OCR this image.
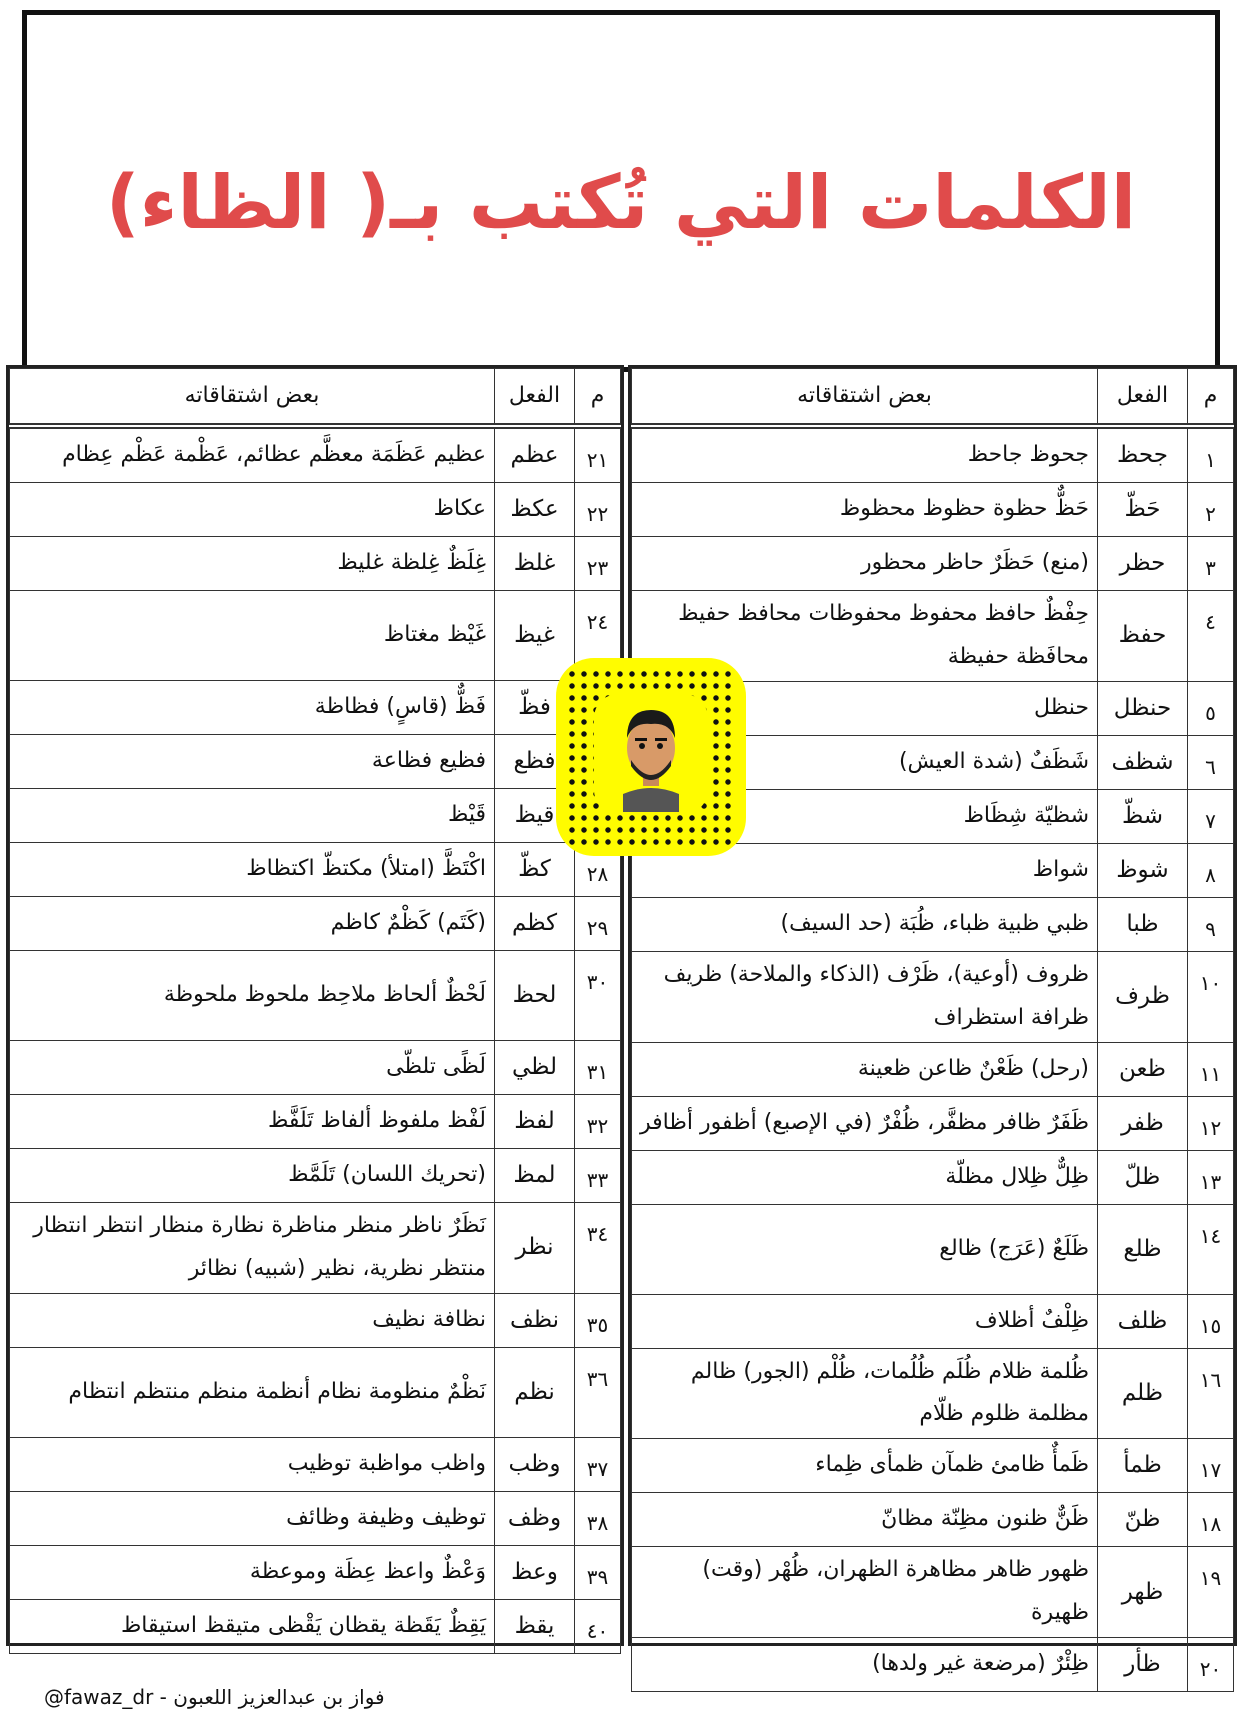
الكلمات التي تُكتب بـ( الظاء)
م	الفعل	بعض اشتقاقاته
١	جحظ	جحوظ جاحظ
٢	حَظّ	حَظٌّ حظوة حظوظ محظوظ
٣	حظر	(منع) حَظَرٌ حاظر محظور
٤	حفظ	حِفْظٌ حافظ محفوظ محفوظات محافظ حفيظ محافَظة حفيظة
٥	حنظل	حنظل
٦	شظف	شَظَفٌ (شدة العيش)
٧	شظّ	شظيّة شِظَاظ
٨	شوظ	شواظ
٩	ظبا	ظبي ظبية ظباء، ظُبَة (حد السيف)
١٠	ظرف	ظروف (أوعية)، ظَرْف (الذكاء والملاحة) ظريف ظرافة استظراف
١١	ظعن	(رحل) ظَعْنٌ ظاعن ظعينة
١٢	ظفر	ظَفَرٌ ظافر مظفَّر، ظُفْرٌ (في الإصبع) أظفور أظافر
١٣	ظلّ	ظِلٌّ ظِلال مظلّة
١٤	ظلع	ظَلَعٌ (عَرَج) ظالع
١٥	ظلف	ظِلْفٌ أظلاف
١٦	ظلم	ظُلمة ظلام ظُلَم ظُلُمات، ظُلْم (الجور) ظالم مظلمة ظلوم ظلّام
١٧	ظمأ	ظَمأٌ ظامئ ظمآن ظمأى ظِماء
١٨	ظنّ	ظَنٌّ ظنون مظِنّة مظانّ
١٩	ظهر	ظهور ظاهر مظاهرة الظهران، ظُهْر (وقت) ظهيرة
٢٠	ظأر	ظِئْرٌ (مرضعة غير ولدها)
م	الفعل	بعض اشتقاقاته
٢١	عظم	عظيم عَظَمَة معظَّم عظائم، عَظْمة عَظْم عِظام
٢٢	عكظ	عكاظ
٢٣	غلظ	غِلَظٌ غِلظة غليظ
٢٤	غيظ	غَيْظ مغتاظ
	فظّ	فَظٌّ (قاسٍ) فظاظة
	فظع	فظيع فظاعة
	قيظ	قَيْظ
٢٨	كظّ	اكْتَظَّ (امتلأ) مكتظّ اكتظاظ
٢٩	كظم	(كَتَم) كَظْمٌ كاظم
٣٠	لحظ	لَحْظٌ ألحاظ ملاحِظ ملحوظ ملحوظة
٣١	لظي	لَظًى تلظّى
٣٢	لفظ	لَفْظ ملفوظ ألفاظ تَلَفَّظ
٣٣	لمظ	(تحريك اللسان) تَلَمَّظ
٣٤	نظر	نَظَرٌ ناظر منظر مناظرة نظارة منظار انتظر انتظار منتظر نظرية، نظير (شبيه) نظائر
٣٥	نظف	نظافة نظيف
٣٦	نظم	نَظْمٌ منظومة نظام أنظمة منظم منتظم انتظام
٣٧	وظب	واظب مواظبة توظيب
٣٨	وظف	توظيف وظيفة وظائف
٣٩	وعظ	وَعْظٌ واعظ عِظَة وموعظة
٤٠	يقظ	يَقِظٌ يَقَظة يقظان يَقْظى متيقظ استيقاظ
@fawaz_dr - فواز بن عبدالعزيز اللعبون
